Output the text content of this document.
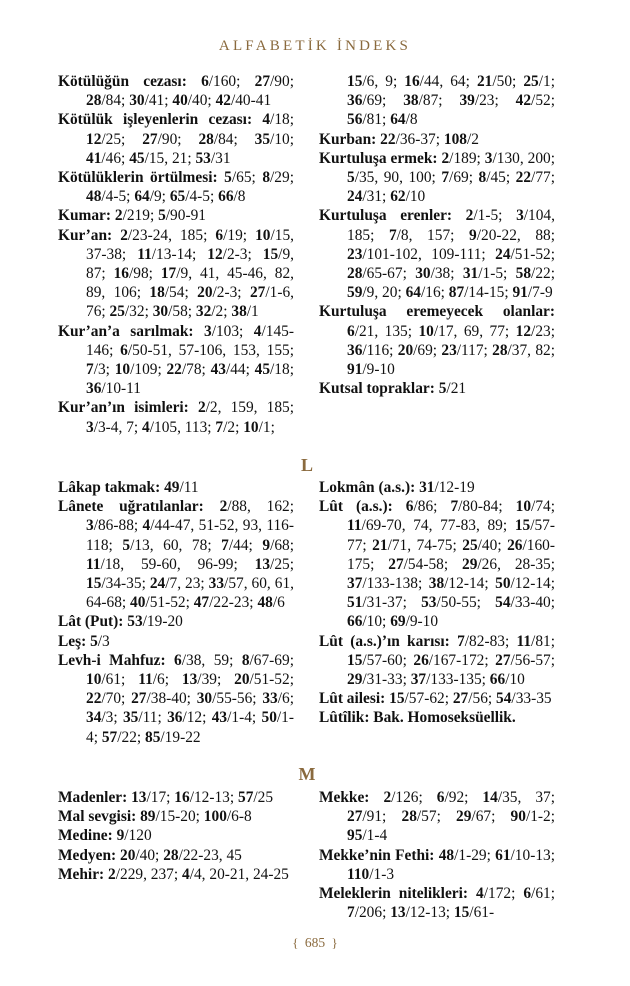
ALFABETİK İNDEKS

Kötülüğün cezası: 6/160; 27/90; 28/84; 30/41; 40/40; 42/40-41

Kötülük işleyenlerin cezası: 4/18; 12/25; 27/90; 28/84; 35/10; 41/46; 45/15, 21; 53/31

Kötülüklerin örtülmesi: 5/65; 8/29; 48/4-5; 64/9; 65/4-5; 66/8

Kumar: 2/219; 5/90-91

Kur’an: 2/23-24, 185; 6/19; 10/15, 37-38; 11/13-14; 12/2-3; 15/9, 87; 16/98; 17/9, 41, 45-46, 82, 89, 106; 18/54; 20/2-3; 27/1-6, 76; 25/32; 30/58; 32/2; 38/1

Kur’an’a sarılmak: 3/103; 4/145-146; 6/50-51, 57-106, 153, 155; 7/3; 10/109; 22/78; 43/44; 45/18; 36/10-11

Kur’an’ın isimleri: 2/2, 159, 185; 3/3-4, 7; 4/105, 113; 7/2; 10/1;

15/6, 9; 16/44, 64; 21/50; 25/1; 36/69; 38/87; 39/23; 42/52; 56/81; 64/8

Kurban: 22/36-37; 108/2

Kurtuluşa ermek: 2/189; 3/130, 200; 5/35, 90, 100; 7/69; 8/45; 22/77; 24/31; 62/10

Kurtuluşa erenler: 2/1-5; 3/104, 185; 7/8, 157; 9/20-22, 88; 23/101-102, 109-111; 24/51-52; 28/65-67; 30/38; 31/1-5; 58/22; 59/9, 20; 64/16; 87/14-15; 91/7-9

Kurtuluşa eremeyecek olanlar: 6/21, 135; 10/17, 69, 77; 12/23; 36/116; 20/69; 23/117; 28/37, 82; 91/9-10

Kutsal topraklar: 5/21

L

Lâkap takmak: 49/11

Lânete uğratılanlar: 2/88, 162; 3/86-88; 4/44-47, 51-52, 93, 116-118; 5/13, 60, 78; 7/44; 9/68; 11/18, 59-60, 96-99; 13/25; 15/34-35; 24/7, 23; 33/57, 60, 61, 64-68; 40/51-52; 47/22-23; 48/6

Lât (Put): 53/19-20

Leş: 5/3

Levh-i Mahfuz: 6/38, 59; 8/67-69; 10/61; 11/6; 13/39; 20/51-52; 22/70; 27/38-40; 30/55-56; 33/6; 34/3; 35/11; 36/12; 43/1-4; 50/1-4; 57/22; 85/19-22

Lokmân (a.s.): 31/12-19

Lût (a.s.): 6/86; 7/80-84; 10/74; 11/69-70, 74, 77-83, 89; 15/57-77; 21/71, 74-75; 25/40; 26/160-175; 27/54-58; 29/26, 28-35; 37/133-138; 38/12-14; 50/12-14; 51/31-37; 53/50-55; 54/33-40; 66/10; 69/9-10

Lût (a.s.)’ın karısı: 7/82-83; 11/81; 15/57-60; 26/167-172; 27/56-57; 29/31-33; 37/133-135; 66/10

Lût ailesi: 15/57-62; 27/56; 54/33-35

Lûtîlik: Bak. Homoseksüellik.

M

Madenler: 13/17; 16/12-13; 57/25

Mal sevgisi: 89/15-20; 100/6-8

Medine: 9/120

Medyen: 20/40; 28/22-23, 45

Mehir: 2/229, 237; 4/4, 20-21, 24-25

Mekke: 2/126; 6/92; 14/35, 37; 27/91; 28/57; 29/67; 90/1-2; 95/1-4

Mekke’nin Fethi: 48/1-29; 61/10-13; 110/1-3

Meleklerin nitelikleri: 4/172; 6/61; 7/206; 13/12-13; 15/61-

{ 685 }
